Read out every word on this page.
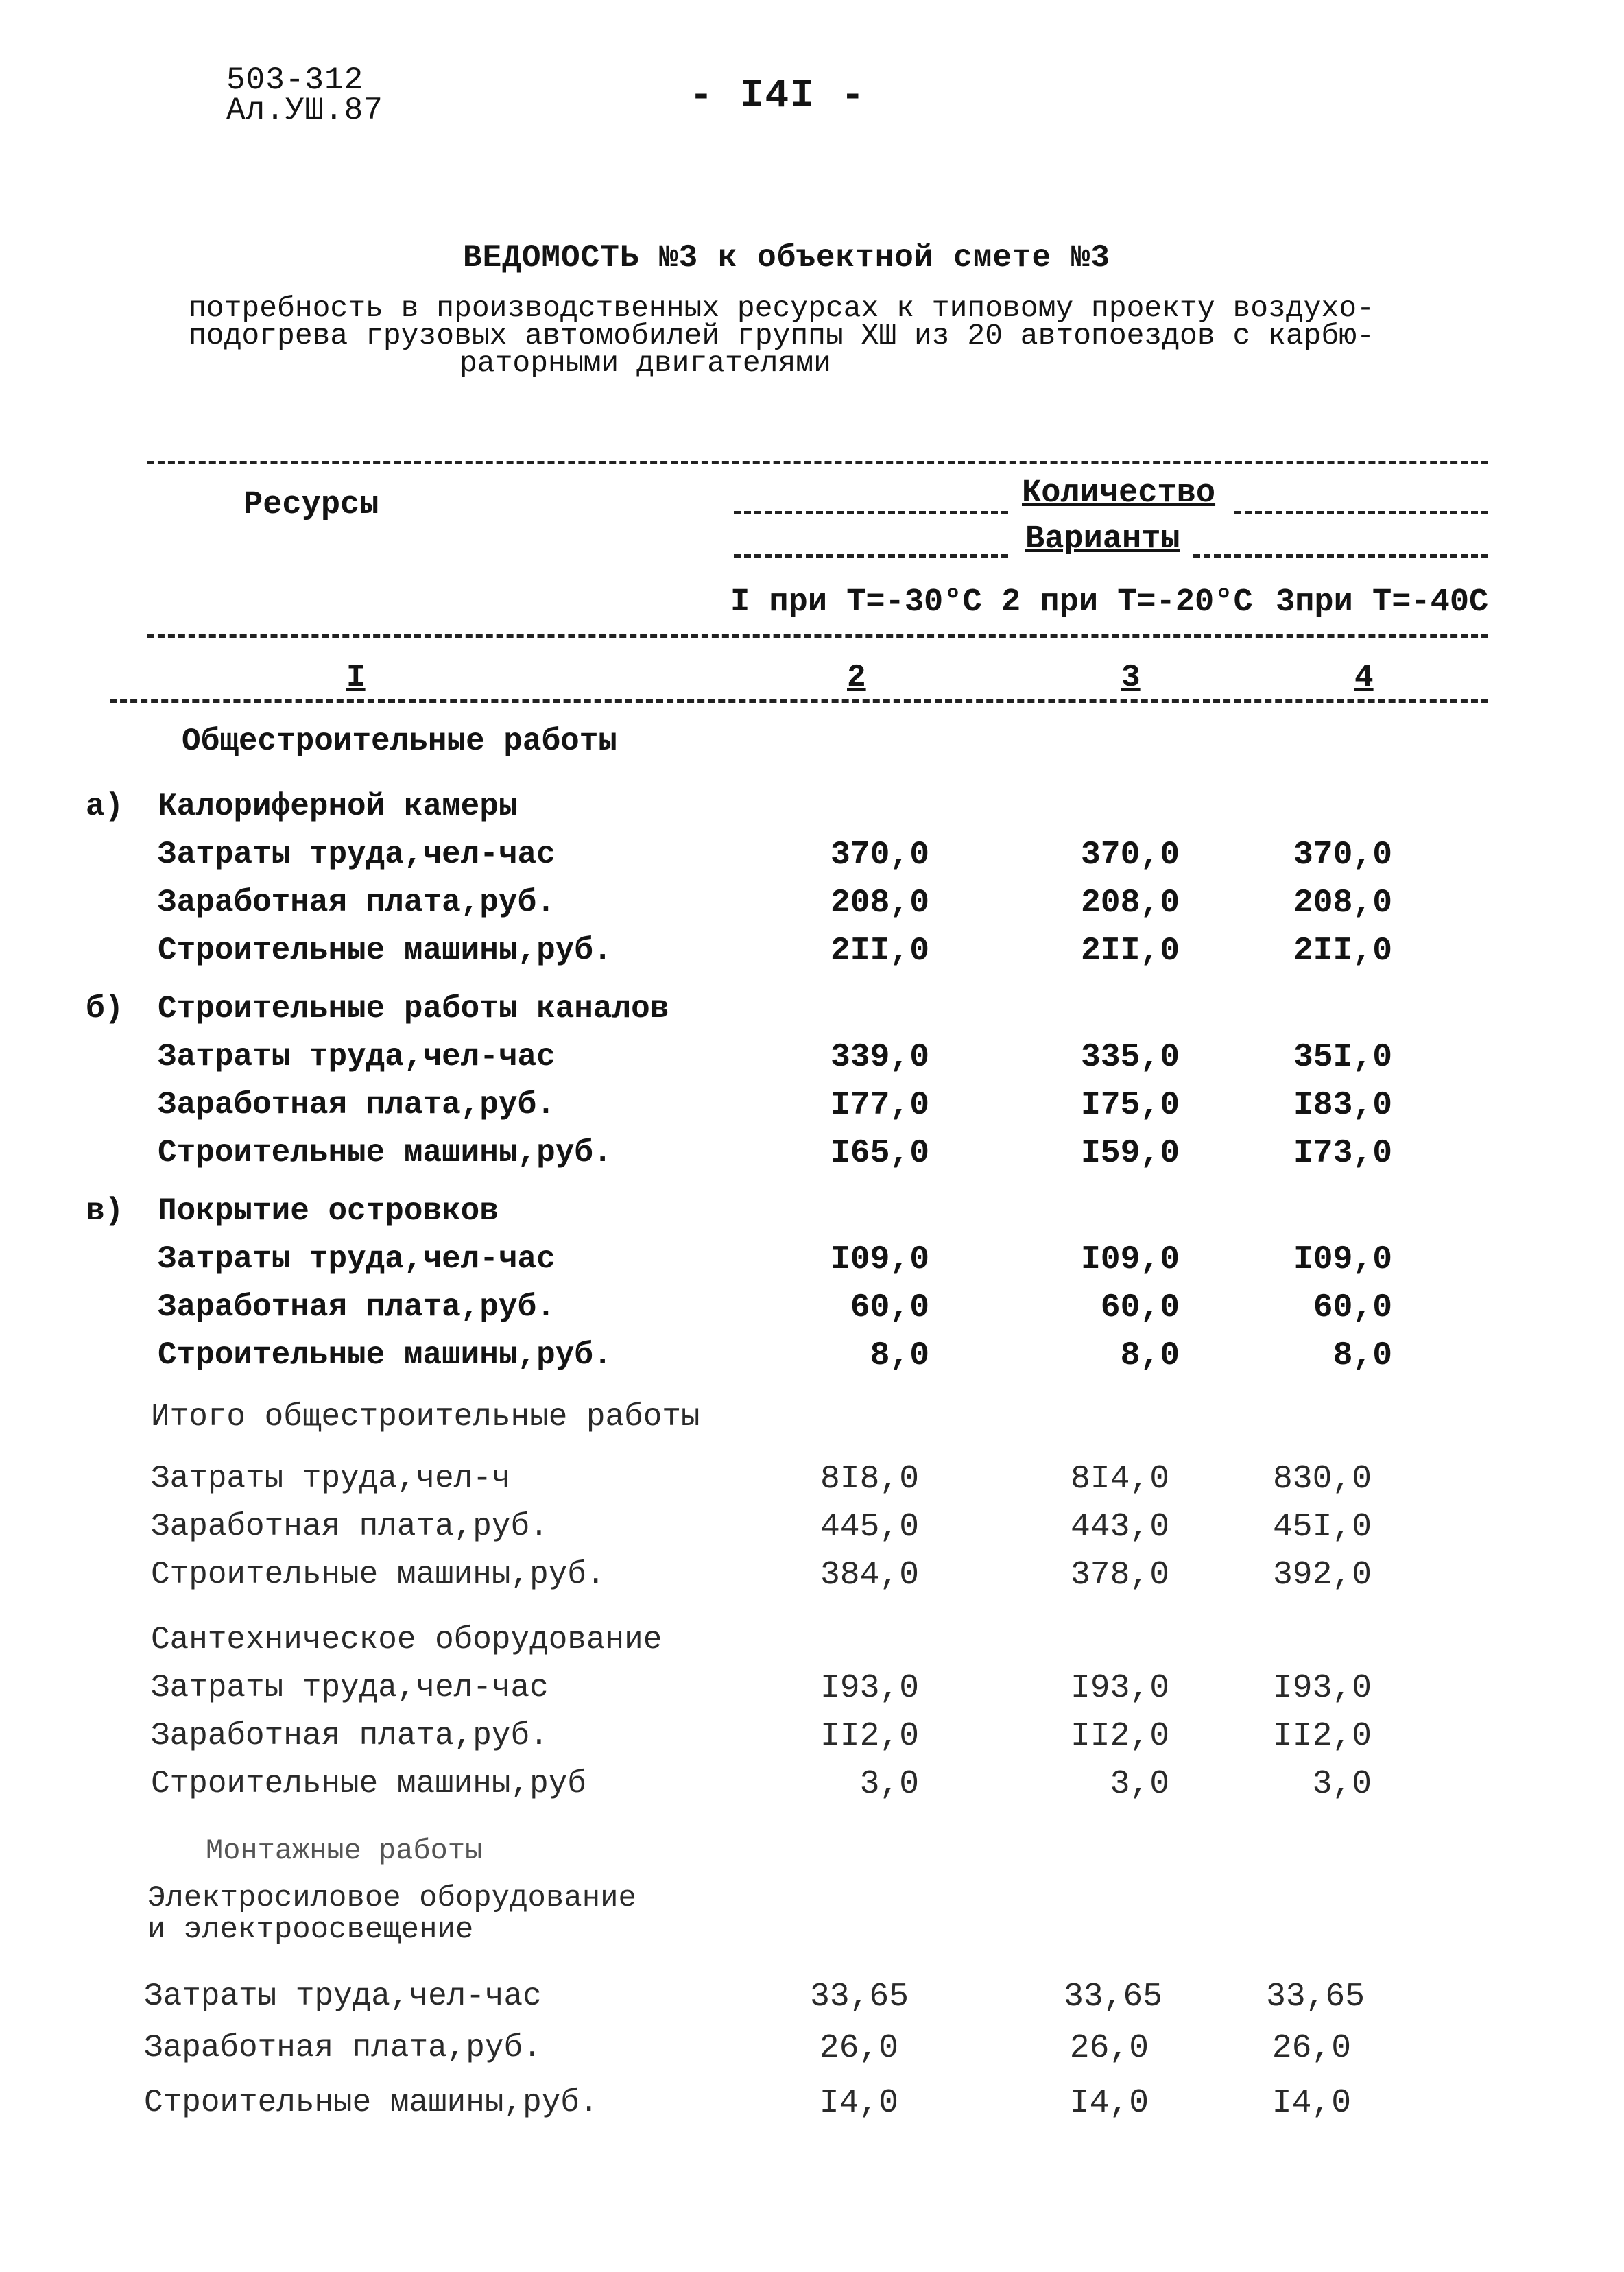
503-312
Ал.УШ.87	- I4I -
ВЕДОМОСТЬ №3 к объектной смете №3
потребность в производственных ресурсах к типовому проекту воздухо-
подогрева грузовых автомобилей группы ХШ из 20 автопоездов с карбю-
раторными двигателями
Ресурсы	Количество
Варианты
I при Т=-30°С 2 при Т=-20°С 3при Т=-40С
I	2	3	4
Общестроительные работы
а) Калориферной камеры
Затраты труда,чел-час	370,0	370,0	370,0
Заработная плата,руб.	208,0	208,0	208,0
Строительные машины,руб.	2II,0	2II,0	2II,0
б) Строительные работы каналов
Затраты труда,чел-час	339,0	335,0	35I,0
Заработная плата,руб.	I77,0	I75,0	I83,0
Строительные машины,руб.	I65,0	I59,0	I73,0
в) Покрытие островков
Затраты труда,чел-час	I09,0	I09,0	I09,0
Заработная плата,руб.	60,0	60,0	60,0
Строительные машины,руб.	8,0	8,0	8,0
Итого общестроительные работы
Затраты труда,чел-ч	8I8,0	8I4,0	830,0
Заработная плата,руб.	445,0	443,0	45I,0
Строительные машины,руб.	384,0	378,0	392,0
Сантехническое оборудование
Затраты труда,чел-час	I93,0	I93,0	I93,0
Заработная плата,руб.	II2,0	II2,0	II2,0
Строительные машины,руб	3,0	3,0	3,0
Монтажные работы
Электросиловое оборудование
и электроосвещение
Затраты труда,чел-час	33,65	33,65	33,65
Заработная плата,руб.	26,0	26,0	26,0
Строительные машины,руб.	I4,0	I4,0	I4,0
